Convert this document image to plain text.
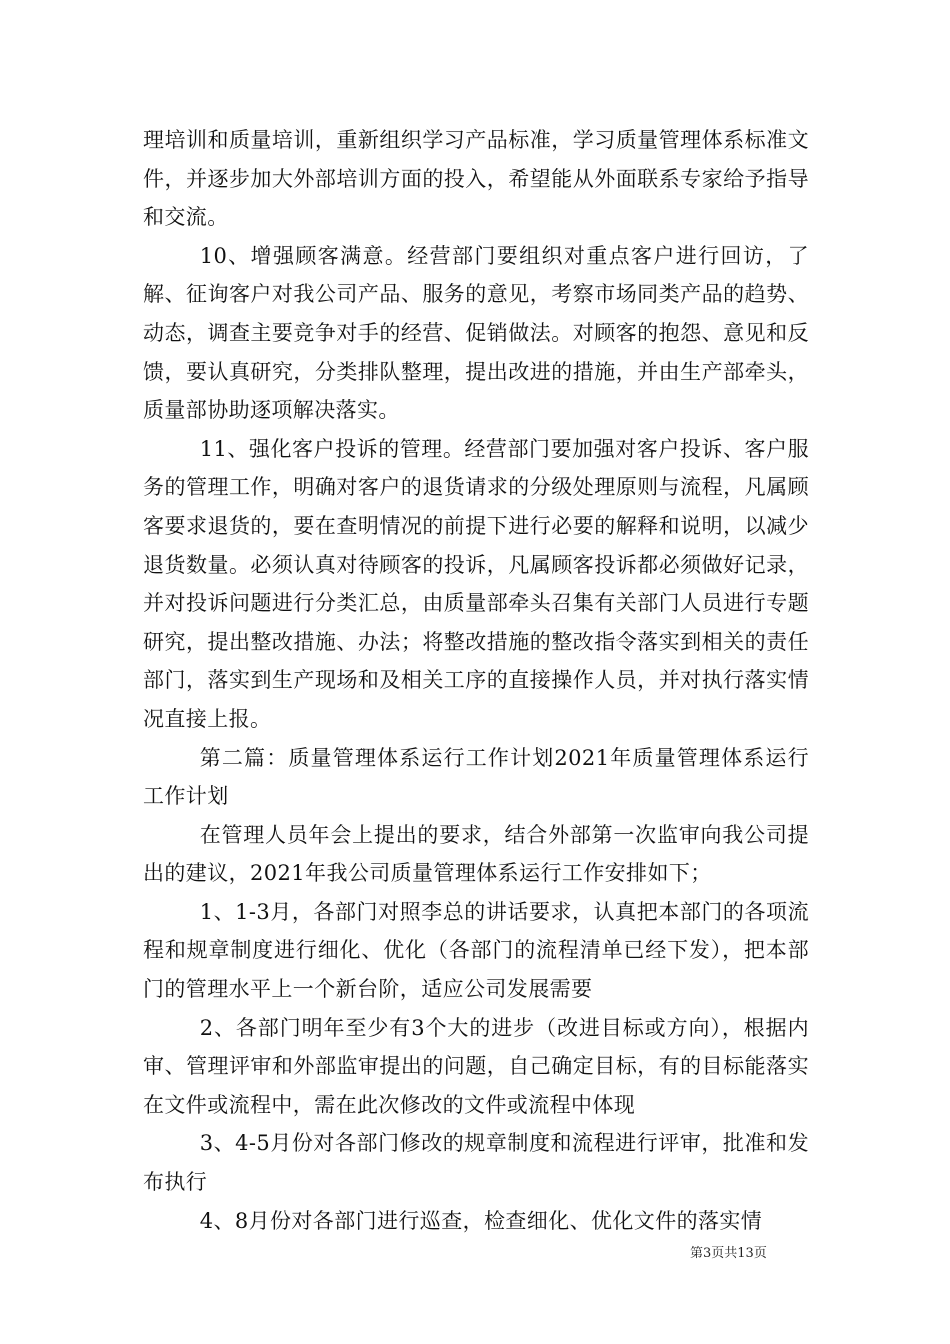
理培训和质量培训，重新组织学习产品标准，学习质量管理体系标准文件，并逐步加大外部培训方面的投入，希望能从外面联系专家给予指导和交流。

10、增强顾客满意。经营部门要组织对重点客户进行回访，了解、征询客户对我公司产品、服务的意见，考察市场同类产品的趋势、动态，调查主要竞争对手的经营、促销做法。对顾客的抱怨、意见和反馈，要认真研究，分类排队整理，提出改进的措施，并由生产部牵头，质量部协助逐项解决落实。

11、强化客户投诉的管理。经营部门要加强对客户投诉、客户服务的管理工作，明确对客户的退货请求的分级处理原则与流程，凡属顾客要求退货的，要在查明情况的前提下进行必要的解释和说明，以减少退货数量。必须认真对待顾客的投诉，凡属顾客投诉都必须做好记录，并对投诉问题进行分类汇总，由质量部牵头召集有关部门人员进行专题研究，提出整改措施、办法；将整改措施的整改指令落实到相关的责任部门，落实到生产现场和及相关工序的直接操作人员，并对执行落实情况直接上报。

第二篇：质量管理体系运行工作计划2021年质量管理体系运行工作计划

在管理人员年会上提出的要求，结合外部第一次监审向我公司提出的建议，2021年我公司质量管理体系运行工作安排如下；

1、1-3月，各部门对照李总的讲话要求，认真把本部门的各项流程和规章制度进行细化、优化（各部门的流程清单已经下发），把本部门的管理水平上一个新台阶，适应公司发展需要

2、各部门明年至少有3个大的进步（改进目标或方向），根据内审、管理评审和外部监审提出的问题，自己确定目标，有的目标能落实在文件或流程中，需在此次修改的文件或流程中体现

3、4-5月份对各部门修改的规章制度和流程进行评审，批准和发布执行

4、8月份对各部门进行巡查，检查细化、优化文件的落实情

第3页共13页
